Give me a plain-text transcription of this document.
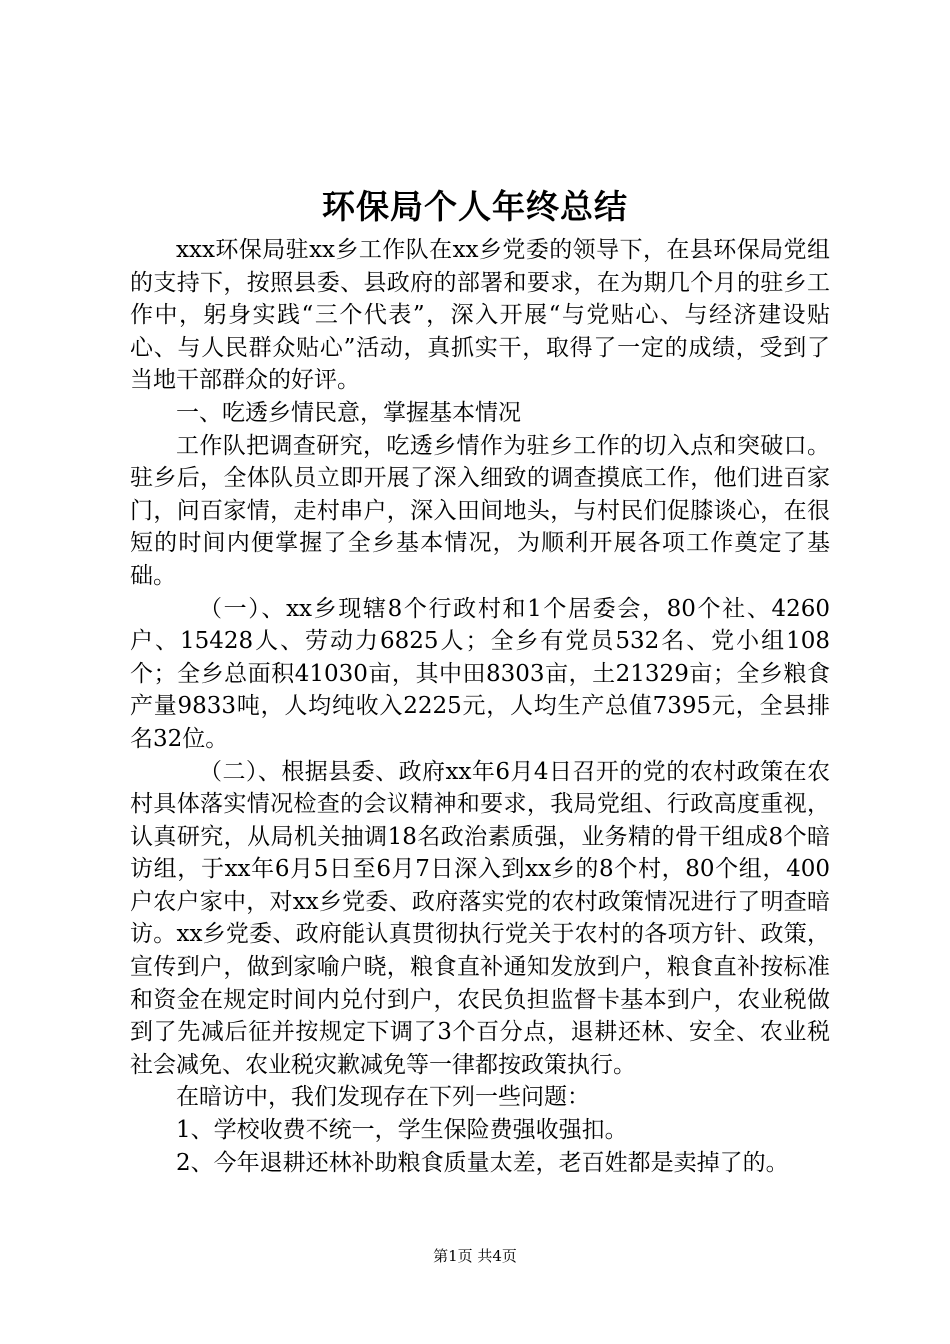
环保局个人年终总结

xxx环保局驻xx乡工作队在xx乡党委的领导下，在县环保局党组的支持下，按照县委、县政府的部署和要求，在为期几个月的驻乡工作中，躬身实践“三个代表”，深入开展“与党贴心、与经济建设贴心、与人民群众贴心”活动，真抓实干，取得了一定的成绩，受到了当地干部群众的好评。

一、吃透乡情民意，掌握基本情况

工作队把调查研究，吃透乡情作为驻乡工作的切入点和突破口。驻乡后，全体队员立即开展了深入细致的调查摸底工作，他们进百家门，问百家情，走村串户，深入田间地头，与村民们促膝谈心，在很短的时间内便掌握了全乡基本情况，为顺利开展各项工作奠定了基础。

（一）、xx乡现辖8个行政村和1个居委会，80个社、4260户、15428人、劳动力6825人；全乡有党员532名、党小组108个；全乡总面积41030亩，其中田8303亩，土21329亩；全乡粮食产量9833吨，人均纯收入2225元，人均生产总值7395元，全县排名32位。

（二）、根据县委、政府xx年6月4日召开的党的农村政策在农村具体落实情况检查的会议精神和要求，我局党组、行政高度重视，认真研究，从局机关抽调18名政治素质强，业务精的骨干组成8个暗访组，于xx年6月5日至6月7日深入到xx乡的8个村，80个组，400户农户家中，对xx乡党委、政府落实党的农村政策情况进行了明查暗访。xx乡党委、政府能认真贯彻执行党关于农村的各项方针、政策，宣传到户，做到家喻户晓，粮食直补通知发放到户，粮食直补按标准和资金在规定时间内兑付到户，农民负担监督卡基本到户，农业税做到了先减后征并按规定下调了3个百分点，退耕还林、安全、农业税社会减免、农业税灾歉减免等一律都按政策执行。

在暗访中，我们发现存在下列一些问题：

1、学校收费不统一，学生保险费强收强扣。

2、今年退耕还林补助粮食质量太差，老百姓都是卖掉了的。

第1页 共4页
